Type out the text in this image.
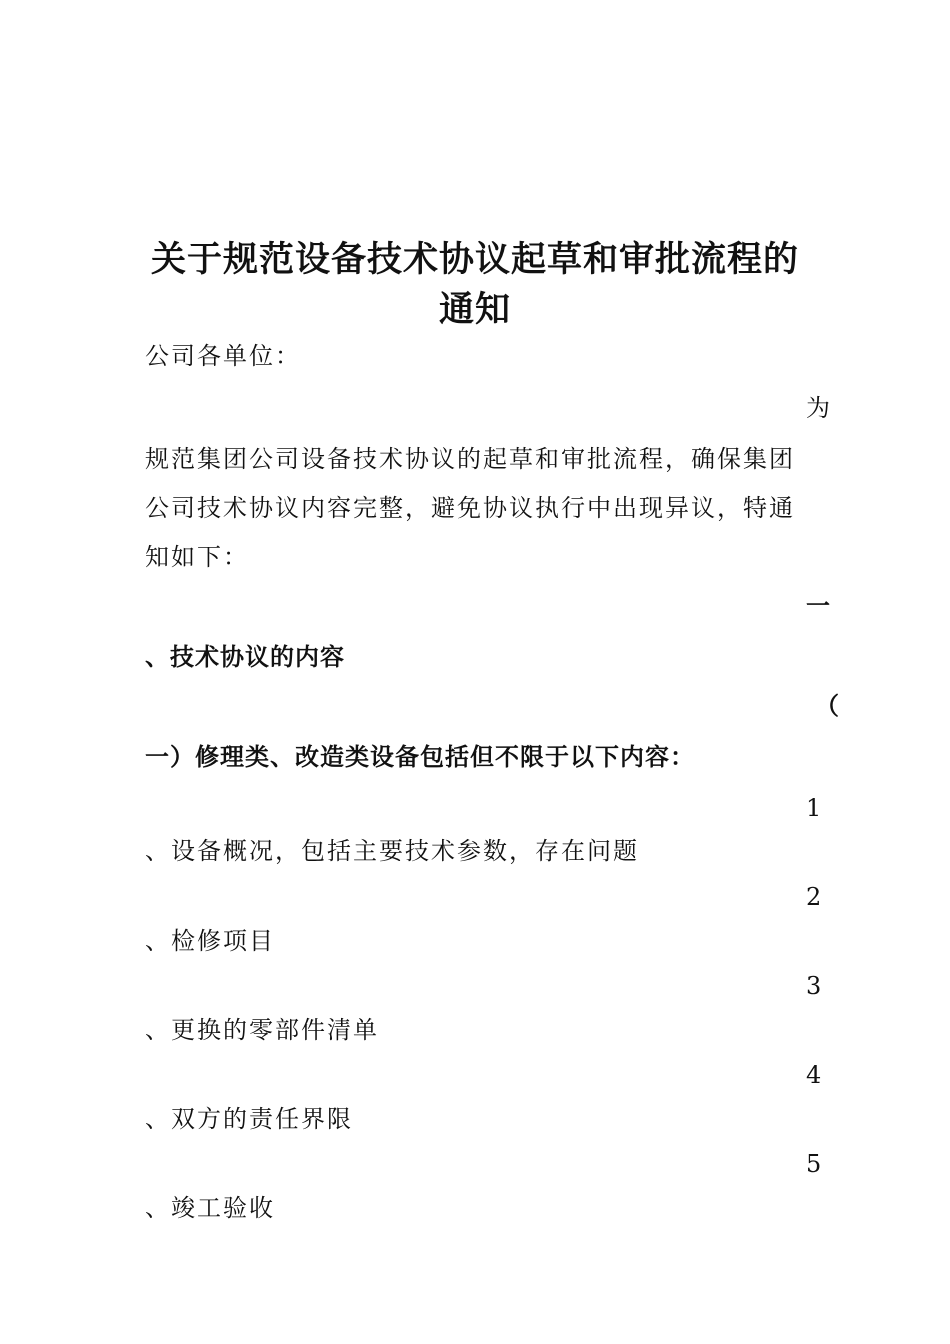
关于规范设备技术协议起草和审批流程的
通知
公司各单位：
为
规范集团公司设备技术协议的起草和审批流程，确保集团
公司技术协议内容完整，避免协议执行中出现异议，特通
知如下：
一
、技术协议的内容
（
一）修理类、改造类设备包括但不限于以下内容：
1
、设备概况，包括主要技术参数，存在问题
2
、检修项目
3
、更换的零部件清单
4
、双方的责任界限
5
、竣工验收
